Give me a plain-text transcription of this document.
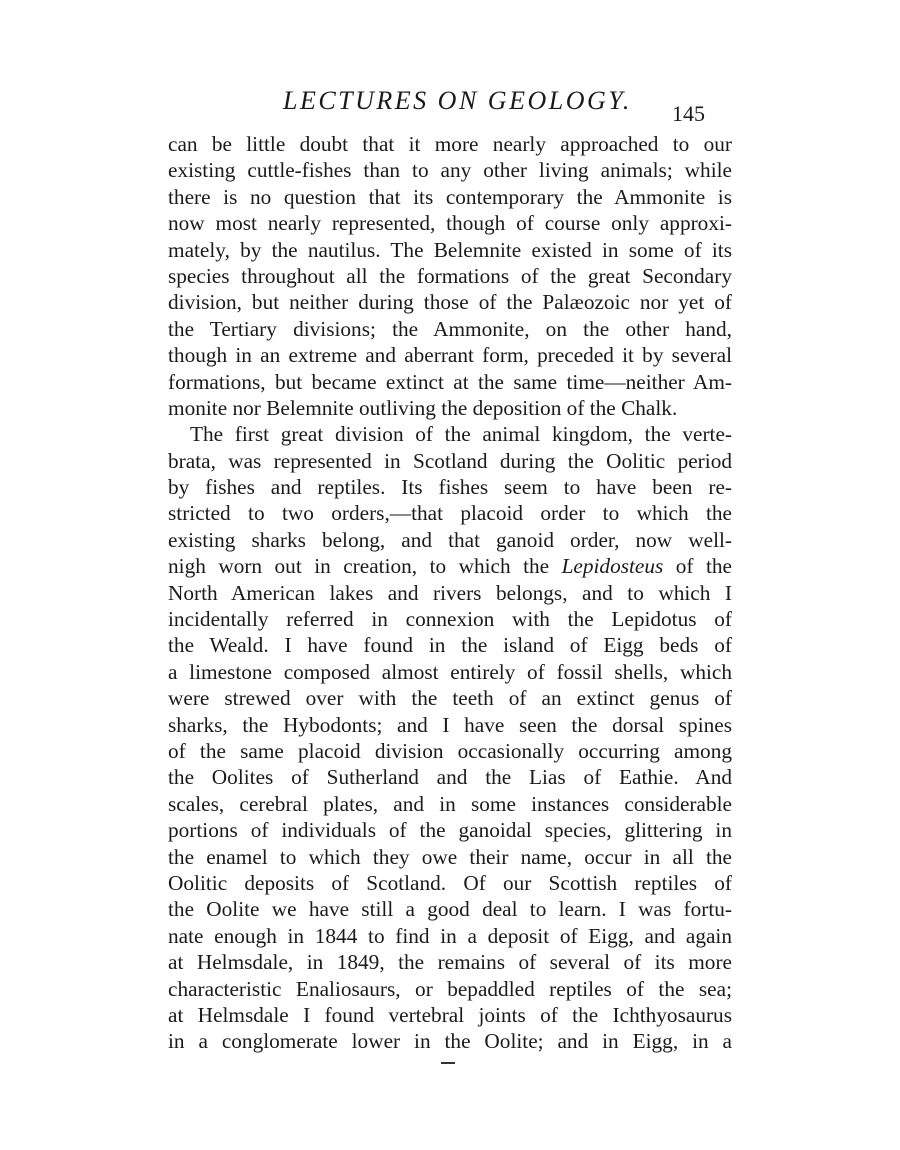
LECTURES ON GEOLOGY. 145
can be little doubt that it more nearly approached to our
existing cuttle-fishes than to any other living animals; while
there is no question that its contemporary the Ammonite is
now most nearly represented, though of course only approxi-
mately, by the nautilus. The Belemnite existed in some of its
species throughout all the formations of the great Secondary
division, but neither during those of the Palæozoic nor yet of
the Tertiary divisions; the Ammonite, on the other hand,
though in an extreme and aberrant form, preceded it by several
formations, but became extinct at the same time—neither Am-
monite nor Belemnite outliving the deposition of the Chalk.
The first great division of the animal kingdom, the verte-
brata, was represented in Scotland during the Oolitic period
by fishes and reptiles. Its fishes seem to have been re-
stricted to two orders,—that placoid order to which the
existing sharks belong, and that ganoid order, now well-
nigh worn out in creation, to which the Lepidosteus of the
North American lakes and rivers belongs, and to which I
incidentally referred in connexion with the Lepidotus of
the Weald. I have found in the island of Eigg beds of
a limestone composed almost entirely of fossil shells, which
were strewed over with the teeth of an extinct genus of
sharks, the Hybodonts; and I have seen the dorsal spines
of the same placoid division occasionally occurring among
the Oolites of Sutherland and the Lias of Eathie. And
scales, cerebral plates, and in some instances considerable
portions of individuals of the ganoidal species, glittering in
the enamel to which they owe their name, occur in all the
Oolitic deposits of Scotland. Of our Scottish reptiles of
the Oolite we have still a good deal to learn. I was fortu-
nate enough in 1844 to find in a deposit of Eigg, and again
at Helmsdale, in 1849, the remains of several of its more
characteristic Enaliosaurs, or bepaddled reptiles of the sea;
at Helmsdale I found vertebral joints of the Ichthyosaurus
in a conglomerate lower in the Oolite; and in Eigg, in a
